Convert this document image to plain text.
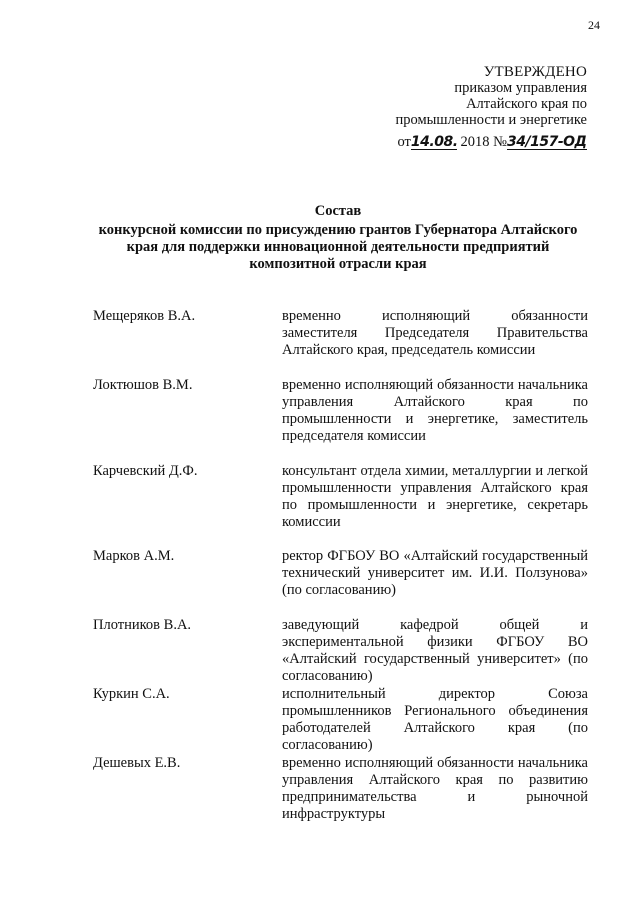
24
УТВЕРЖДЕНО
приказом управления
Алтайского края по
промышленности и энергетике
от14.08. 2018 №34/157-ОД
Состав
конкурсной комиссии по присуждению грантов Губернатора Алтайского края для поддержки инновационной деятельности предприятий композитной отрасли края
Мещеряков В.А.	временно исполняющий обязанности заместителя Председателя Правительства Алтайского края, председатель комиссии
Локтюшов В.М.	временно исполняющий обязанности начальника управления Алтайского края по промышленности и энергетике, заместитель председателя комиссии
Карчевский Д.Ф.	консультант отдела химии, металлургии и легкой промышленности управления Алтайского края по промышленности и энергетике, секретарь комиссии
Марков А.М.	ректор ФГБОУ ВО «Алтайский государственный технический университет им. И.И. Ползунова» (по согласованию)
Плотников В.А.	заведующий кафедрой общей и экспериментальной физики ФГБОУ ВО «Алтайский государственный университет» (по согласованию)
Куркин С.А.	исполнительный директор Союза промышленников Регионального объединения работодателей Алтайского края (по согласованию)
Дешевых Е.В.	временно исполняющий обязанности начальника управления Алтайского края по развитию предпринимательства и рыночной инфраструктуры
